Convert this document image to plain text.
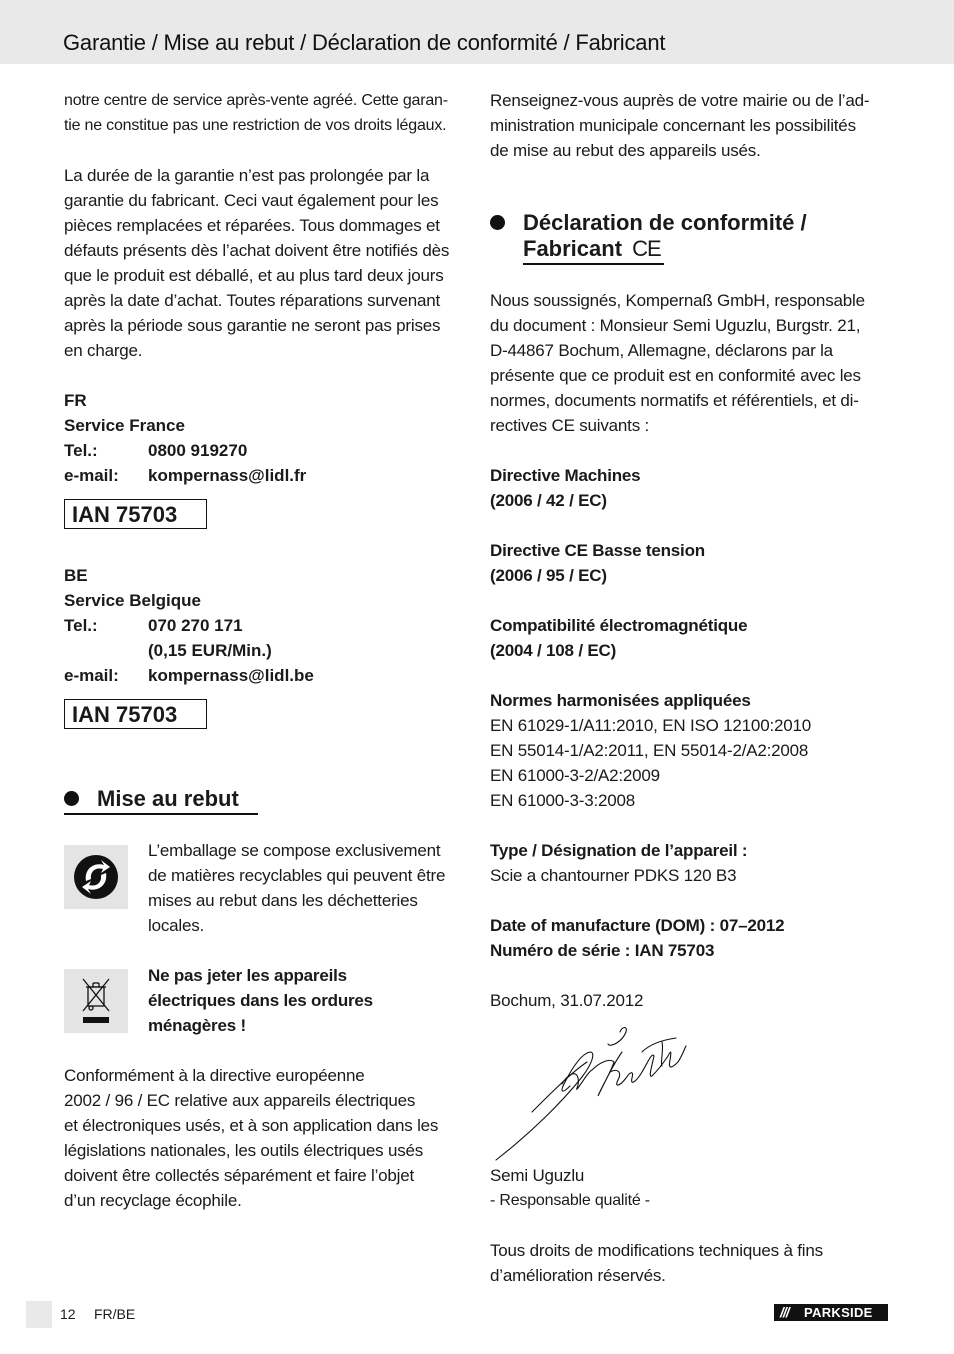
Garantie / Mise au rebut / Déclaration de conformité / Fabricant

notre centre de service après-vente agréé. Cette garan-

tie ne constitue pas une restriction de vos droits légaux.

La durée de la garantie n’est pas prolongée par la

garantie du fabricant. Ceci vaut également pour les

pièces remplacées et réparées. Tous dommages et

défauts présents dès l’achat doivent être notifiés dès

que le produit est déballé, et au plus tard deux jours

après la date d’achat. Toutes réparations survenant

après la période sous garantie ne seront pas prises

en charge.

FR
Service France
Tel.:	0800 919270
e-mail: kompernass@lidl.fr
IAN 75703
BE
Service Belgique
Tel.:	070 270 171
(0,15 EUR/Min.)
e-mail: kompernass@lidl.be
IAN 75703
Mise au rebut

L’emballage se compose exclusivement

de matières recyclables qui peuvent être

mises au rebut dans les déchetteries

locales.

Ne pas jeter les appareils

électriques dans les ordures

ménagères !

Conformément à la directive européenne

2002 / 96 / EC relative aux appareils électriques

et électroniques usés, et à son application dans les

législations nationales, les outils électriques usés

doivent être collectés séparément et faire l’objet

d’un recyclage écophile.

Renseignez-vous auprès de votre mairie ou de l’ad-

ministration municipale concernant les possibilités

de mise au rebut des appareils usés.

Déclaration de conformité /
Fabricant CE

Nous soussignés, Kompernaß GmbH, responsable

du document : Monsieur Semi Uguzlu, Burgstr. 21,

D-44867 Bochum, Allemagne, déclarons par la

présente que ce produit est en conformité avec les

normes, documents normatifs et référentiels, et di-

rectives CE suivants :

Directive Machines

(2006 / 42 / EC)

Directive CE Basse tension

(2006 / 95 / EC)

Compatibilité électromagnétique

(2004 / 108 / EC)

Normes harmonisées appliquées

EN 61029-1/A11:2010, EN ISO 12100:2010

EN 55014-1/A2:2011, EN 55014-2/A2:2008

EN 61000-3-2/A2:2009

EN 61000-3-3:2008

Type / Désignation de l’appareil :

Scie a chantourner PDKS 120 B3

Date of manufacture (DOM) : 07–2012

Numéro de série : IAN 75703

Bochum, 31.07.2012

Semi Uguzlu

- Responsable qualité -

Tous droits de modifications techniques à fins

d’amélioration réservés.

12 FR/BE	/// PARKSIDE
